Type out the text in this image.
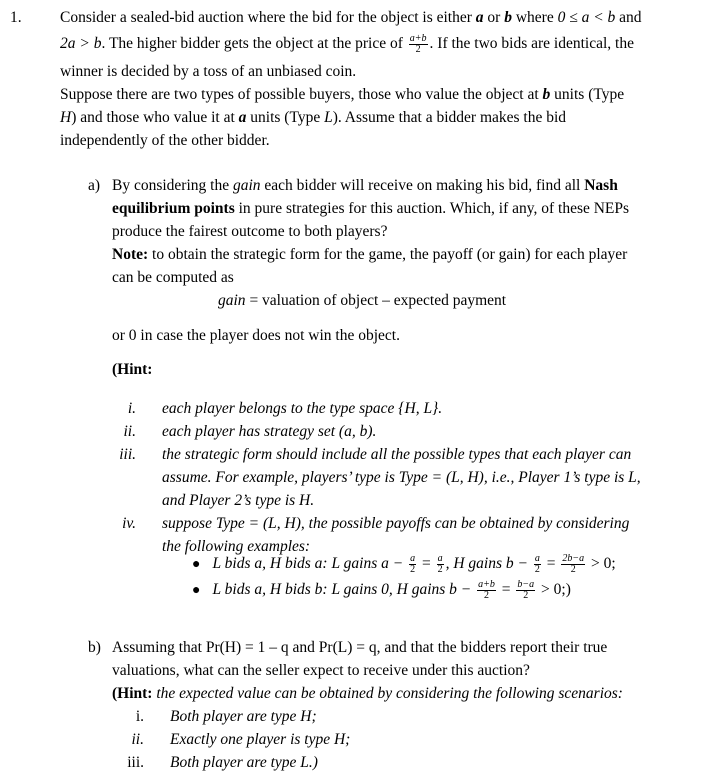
1. Consider a sealed-bid auction where the bid for the object is either a or b where 0 ≤ a < b and
2a > b. The higher bidder gets the object at the price of $\frac{a+b}{2}$ . If the two bids are identical, the
winner is decided by a toss of an unbiased coin.
Suppose there are two types of possible buyers, those who value the object at b units (Type
H) and those who value it at a units (Type L). Assume that a bidder makes the bid
independently of the other bidder.
a) By considering the gain each bidder will receive on making his bid, find all Nash
equilibrium points in pure strategies for this auction. Which, if any, of these NEPs
produce the fairest outcome to both players?
Note: to obtain the strategic form for the game, the payoff (or gain) for each player
can be computed as
gain = valuation of object – expected payment
or 0 in case the player does not win the object.
(Hint:
i. each player belongs to the type space {H, L}.
ii. each player has strategy set (a, b).
iii. the strategic form should include all the possible types that each player can
assume. For example, players’ type is Type = (L, H), i.e., Player 1’s type is L,
and Player 2’s type is H.
iv. suppose Type = (L, H), the possible payoffs can be obtained by considering
the following examples:
● L bids a, H bids a: L gains $a - \frac{a}{2} = \frac{a}{2}$ , H gains $b - \frac{a}{2} = \frac{2b-a}{2} > 0$;
● L bids a, H bids b: L gains 0, H gains $b - \frac{a+b}{2} = \frac{b-a}{2}$ > 0;)
b) Assuming that Pr(H) = 1 – q and Pr(L) = q, and that the bidders report their true
valuations, what can the seller expect to receive under this auction?
(Hint: the expected value can be obtained by considering the following scenarios:
i. Both player are type H;
ii. Exactly one player is type H;
iii. Both player are type L.)
